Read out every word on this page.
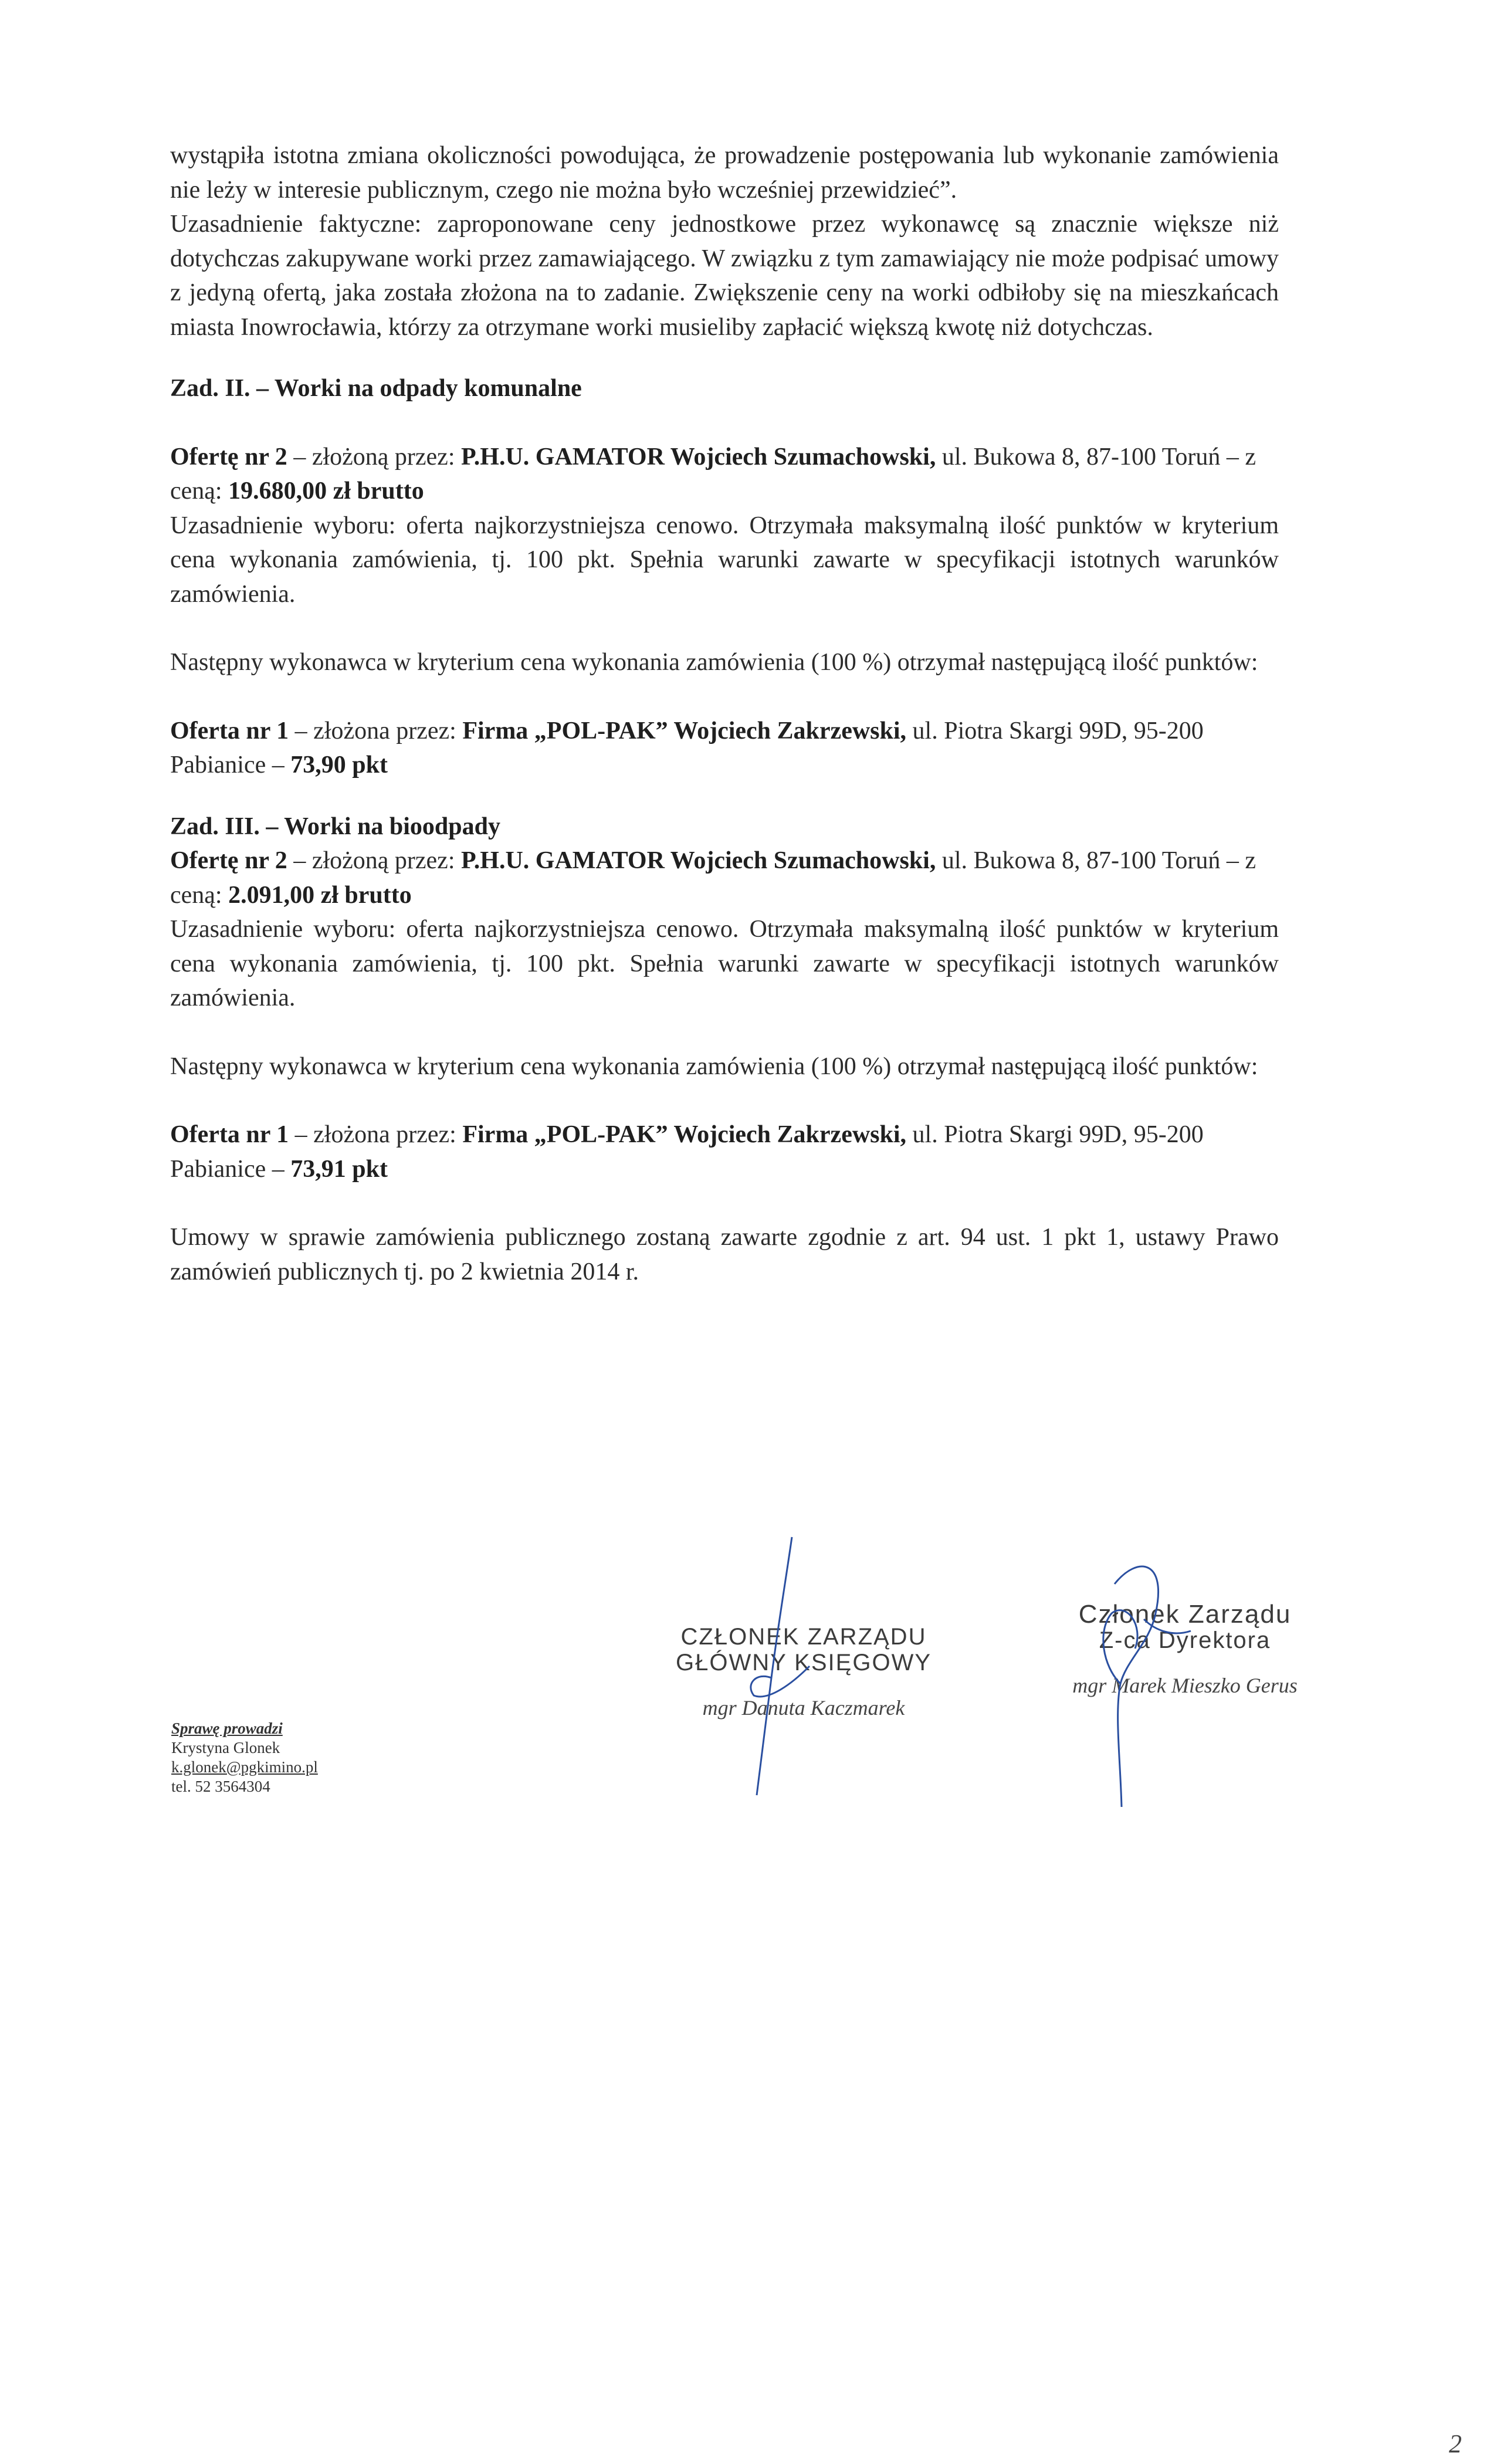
wystąpiła istotna zmiana okoliczności powodująca, że prowadzenie postępowania lub wykonanie zamówienia nie leży w interesie publicznym, czego nie można było wcześniej przewidzieć”.

Uzasadnienie faktyczne: zaproponowane ceny jednostkowe przez wykonawcę są znacznie większe niż dotychczas zakupywane worki przez zamawiającego. W związku z tym zamawiający nie może podpisać umowy z jedyną ofertą, jaka została złożona na to zadanie. Zwiększenie ceny na worki odbiłoby się na mieszkańcach miasta Inowrocławia, którzy za otrzymane worki musieliby zapłacić większą kwotę niż dotychczas.

Zad. II. – Worki na odpady komunalne

Ofertę nr 2 – złożoną przez: P.H.U. GAMATOR Wojciech Szumachowski, ul. Bukowa 8, 87-100 Toruń – z ceną: 19.680,00 zł brutto

Uzasadnienie wyboru: oferta najkorzystniejsza cenowo. Otrzymała maksymalną ilość punktów w kryterium cena wykonania zamówienia, tj. 100 pkt. Spełnia warunki zawarte w specyfikacji istotnych warunków zamówienia.

Następny wykonawca w kryterium cena wykonania zamówienia (100 %) otrzymał następującą ilość punktów:

Oferta nr 1 – złożona przez: Firma „POL-PAK” Wojciech Zakrzewski, ul. Piotra Skargi 99D, 95-200 Pabianice – 73,90 pkt

Zad. III. – Worki na bioodpady

Ofertę nr 2 – złożoną przez: P.H.U. GAMATOR Wojciech Szumachowski, ul. Bukowa 8, 87-100 Toruń – z ceną: 2.091,00 zł brutto

Uzasadnienie wyboru: oferta najkorzystniejsza cenowo. Otrzymała maksymalną ilość punktów w kryterium cena wykonania zamówienia, tj. 100 pkt. Spełnia warunki zawarte w specyfikacji istotnych warunków zamówienia.

Następny wykonawca w kryterium cena wykonania zamówienia (100 %) otrzymał następującą ilość punktów:

Oferta nr 1 – złożona przez: Firma „POL-PAK” Wojciech Zakrzewski, ul. Piotra Skargi 99D, 95-200 Pabianice – 73,91 pkt

Umowy w sprawie zamówienia publicznego zostaną zawarte zgodnie z art. 94 ust. 1 pkt 1, ustawy Prawo zamówień publicznych tj. po 2 kwietnia 2014 r.

CZŁONEK ZARZĄDU
GŁÓWNY KSIĘGOWY
mgr Danuta Kaczmarek
Członek Zarządu
Z-ca Dyrektora
mgr Marek Mieszko Gerus
Sprawę prowadzi
Krystyna Glonek
k.glonek@pgkimino.pl
tel. 52 3564304
2
